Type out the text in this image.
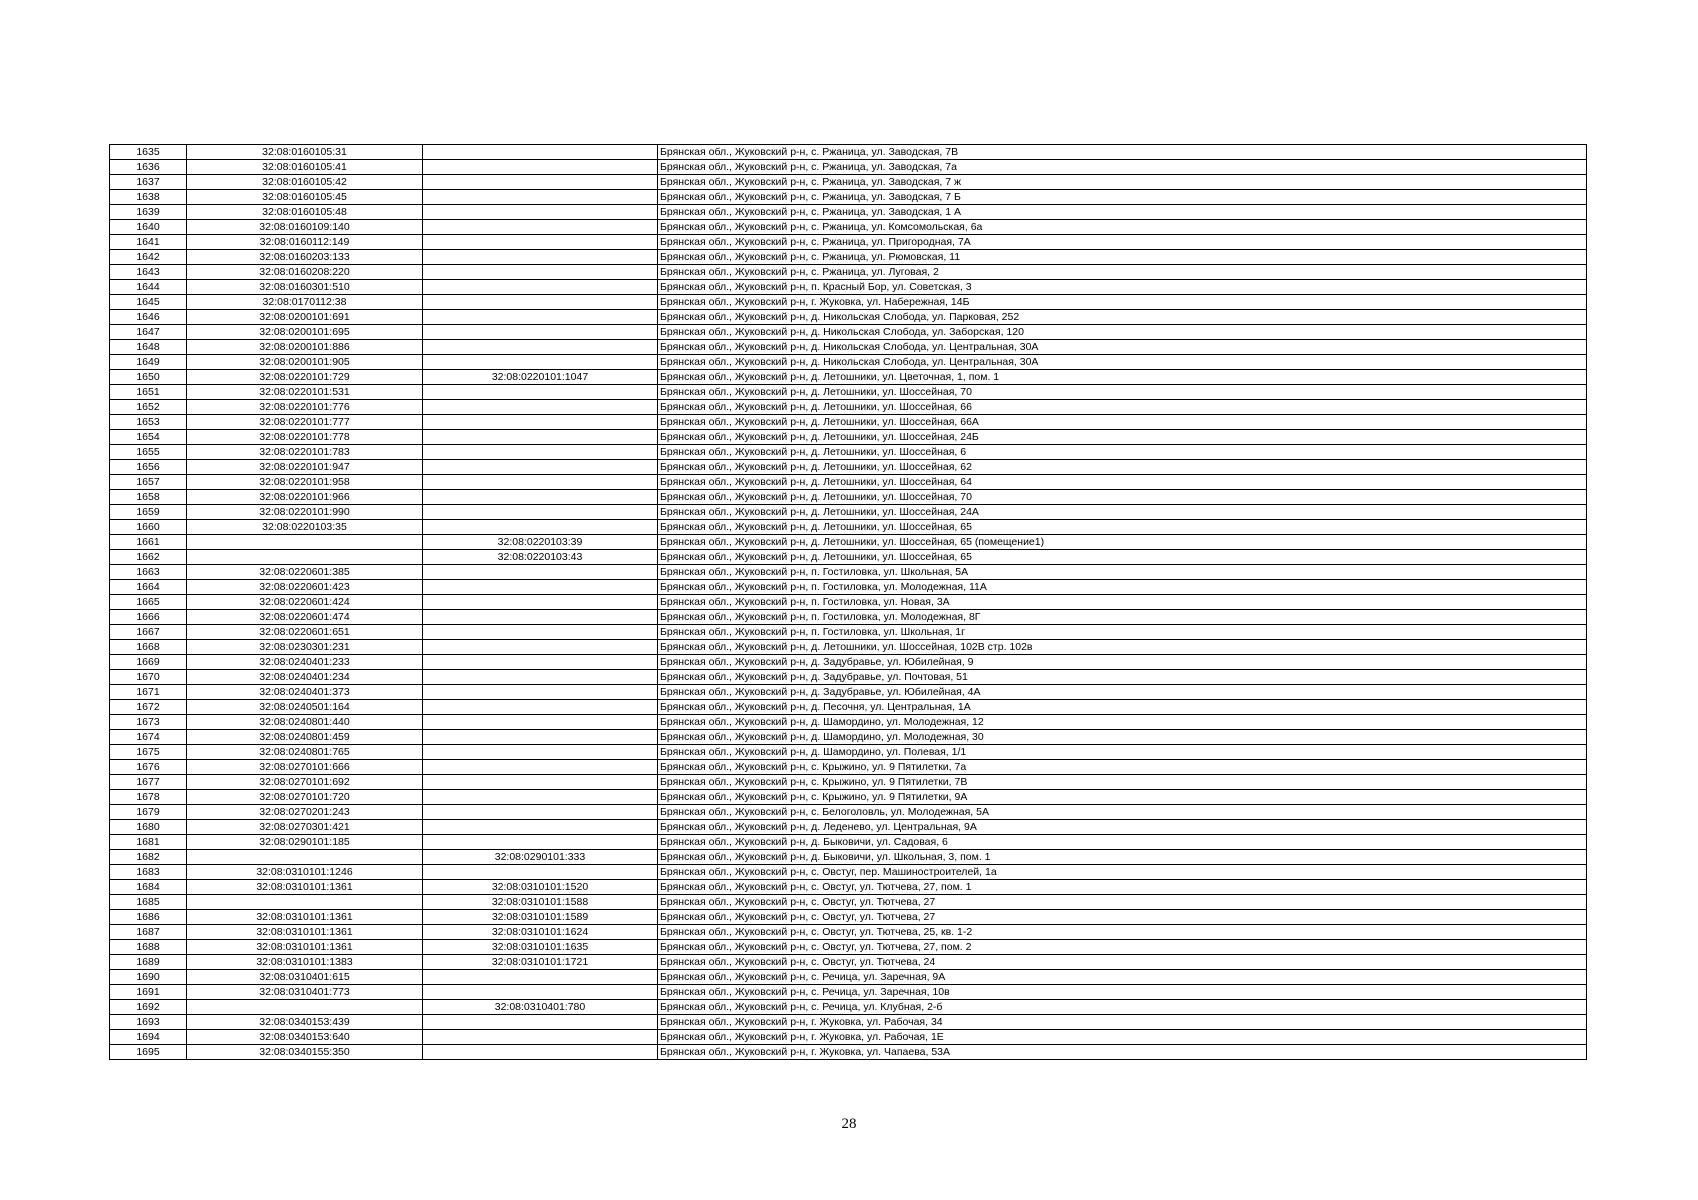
1635	32:08:0160105:31		Брянская обл., Жуковский р-н, с. Ржаница, ул. Заводская, 7В
1636	32:08:0160105:41		Брянская обл., Жуковский р-н, с. Ржаница, ул. Заводская, 7а
1637	32:08:0160105:42		Брянская обл., Жуковский р-н, с. Ржаница, ул. Заводская, 7 ж
1638	32:08:0160105:45		Брянская обл., Жуковский р-н, с. Ржаница, ул. Заводская, 7 Б
1639	32:08:0160105:48		Брянская обл., Жуковский р-н, с. Ржаница, ул. Заводская, 1 А
1640	32:08:0160109:140		Брянская обл., Жуковский р-н, с. Ржаница, ул. Комсомольская, 6а
1641	32:08:0160112:149		Брянская обл., Жуковский р-н, с. Ржаница, ул. Пригородная, 7А
1642	32:08:0160203:133		Брянская обл., Жуковский р-н, с. Ржаница, ул. Рюмовская, 11
1643	32:08:0160208:220		Брянская обл., Жуковский р-н, с. Ржаница, ул. Луговая, 2
1644	32:08:0160301:510		Брянская обл., Жуковский р-н, п. Красный Бор, ул. Советская, 3
1645	32:08:0170112:38		Брянская обл., Жуковский р-н, г. Жуковка, ул. Набережная, 14Б
1646	32:08:0200101:691		Брянская обл., Жуковский р-н, д. Никольская Слобода, ул. Парковая, 252
1647	32:08:0200101:695		Брянская обл., Жуковский р-н, д. Никольская Слобода, ул. Заборская, 120
1648	32:08:0200101:886		Брянская обл., Жуковский р-н, д. Никольская Слобода, ул. Центральная, 30А
1649	32:08:0200101:905		Брянская обл., Жуковский р-н, д. Никольская Слобода, ул. Центральная, 30А
1650	32:08:0220101:729	32:08:0220101:1047	Брянская обл., Жуковский р-н, д. Летошники, ул. Цветочная, 1, пом. 1
1651	32:08:0220101:531		Брянская обл., Жуковский р-н, д. Летошники, ул. Шоссейная, 70
1652	32:08:0220101:776		Брянская обл., Жуковский р-н, д. Летошники, ул. Шоссейная, 66
1653	32:08:0220101:777		Брянская обл., Жуковский р-н, д. Летошники, ул. Шоссейная, 66А
1654	32:08:0220101:778		Брянская обл., Жуковский р-н, д. Летошники, ул. Шоссейная, 24Б
1655	32:08:0220101:783		Брянская обл., Жуковский р-н, д. Летошники, ул. Шоссейная, 6
1656	32:08:0220101:947		Брянская обл., Жуковский р-н, д. Летошники, ул. Шоссейная, 62
1657	32:08:0220101:958		Брянская обл., Жуковский р-н, д. Летошники, ул. Шоссейная, 64
1658	32:08:0220101:966		Брянская обл., Жуковский р-н, д. Летошники, ул. Шоссейная, 70
1659	32:08:0220101:990		Брянская обл., Жуковский р-н, д. Летошники, ул. Шоссейная, 24А
1660	32:08:0220103:35		Брянская обл., Жуковский р-н, д. Летошники, ул. Шоссейная, 65
1661		32:08:0220103:39	Брянская обл., Жуковский р-н, д. Летошники, ул. Шоссейная, 65 (помещение1)
1662		32:08:0220103:43	Брянская обл., Жуковский р-н, д. Летошники, ул. Шоссейная, 65
1663	32:08:0220601:385		Брянская обл., Жуковский р-н, п. Гостиловка, ул. Школьная, 5А
1664	32:08:0220601:423		Брянская обл., Жуковский р-н, п. Гостиловка, ул. Молодежная, 11А
1665	32:08:0220601:424		Брянская обл., Жуковский р-н, п. Гостиловка, ул. Новая, 3А
1666	32:08:0220601:474		Брянская обл., Жуковский р-н, п. Гостиловка, ул. Молодежная, 8Г
1667	32:08:0220601:651		Брянская обл., Жуковский р-н, п. Гостиловка, ул. Школьная, 1г
1668	32:08:0230301:231		Брянская обл., Жуковский р-н, д. Летошники, ул. Шоссейная, 102В стр. 102в
1669	32:08:0240401:233		Брянская обл., Жуковский р-н, д. Задубравье, ул. Юбилейная, 9
1670	32:08:0240401:234		Брянская обл., Жуковский р-н, д. Задубравье, ул. Почтовая, 51
1671	32:08:0240401:373		Брянская обл., Жуковский р-н, д. Задубравье, ул. Юбилейная, 4А
1672	32:08:0240501:164		Брянская обл., Жуковский р-н, д. Песочня, ул. Центральная, 1А
1673	32:08:0240801:440		Брянская обл., Жуковский р-н, д. Шамордино, ул. Молодежная, 12
1674	32:08:0240801:459		Брянская обл., Жуковский р-н, д. Шамордино, ул. Молодежная, 30
1675	32:08:0240801:765		Брянская обл., Жуковский р-н, д. Шамордино, ул. Полевая, 1/1
1676	32:08:0270101:666		Брянская обл., Жуковский р-н, с. Крыжино, ул. 9 Пятилетки, 7а
1677	32:08:0270101:692		Брянская обл., Жуковский р-н, с. Крыжино, ул. 9 Пятилетки, 7В
1678	32:08:0270101:720		Брянская обл., Жуковский р-н, с. Крыжино, ул. 9 Пятилетки, 9А
1679	32:08:0270201:243		Брянская обл., Жуковский р-н, с. Белоголовль, ул. Молодежная, 5А
1680	32:08:0270301:421		Брянская обл., Жуковский р-н, д. Леденево, ул. Центральная, 9А
1681	32:08:0290101:185		Брянская обл., Жуковский р-н, д. Быковичи, ул. Садовая, 6
1682		32:08:0290101:333	Брянская обл., Жуковский р-н, д. Быковичи, ул. Школьная, 3, пом. 1
1683	32:08:0310101:1246		Брянская обл., Жуковский р-н, с. Овстуг, пер. Машиностроителей, 1а
1684	32:08:0310101:1361	32:08:0310101:1520	Брянская обл., Жуковский р-н, с. Овстуг, ул. Тютчева, 27, пом. 1
1685		32:08:0310101:1588	Брянская обл., Жуковский р-н, с. Овстуг, ул. Тютчева, 27
1686	32:08:0310101:1361	32:08:0310101:1589	Брянская обл., Жуковский р-н, с. Овстуг, ул. Тютчева, 27
1687	32:08:0310101:1361	32:08:0310101:1624	Брянская обл., Жуковский р-н, с. Овстуг, ул. Тютчева, 25, кв. 1-2
1688	32:08:0310101:1361	32:08:0310101:1635	Брянская обл., Жуковский р-н, с. Овстуг, ул. Тютчева, 27, пом. 2
1689	32:08:0310101:1383	32:08:0310101:1721	Брянская обл., Жуковский р-н, с. Овстуг, ул. Тютчева, 24
1690	32:08:0310401:615		Брянская обл., Жуковский р-н, с. Речица, ул. Заречная, 9А
1691	32:08:0310401:773		Брянская обл., Жуковский р-н, с. Речица, ул. Заречная, 10в
1692		32:08:0310401:780	Брянская обл., Жуковский р-н, с. Речица, ул. Клубная, 2-б
1693	32:08:0340153:439		Брянская обл., Жуковский р-н, г. Жуковка, ул. Рабочая, 34
1694	32:08:0340153:640		Брянская обл., Жуковский р-н, г. Жуковка, ул. Рабочая, 1Е
1695	32:08:0340155:350		Брянская обл., Жуковский р-н, г. Жуковка, ул. Чапаева, 53А
28
